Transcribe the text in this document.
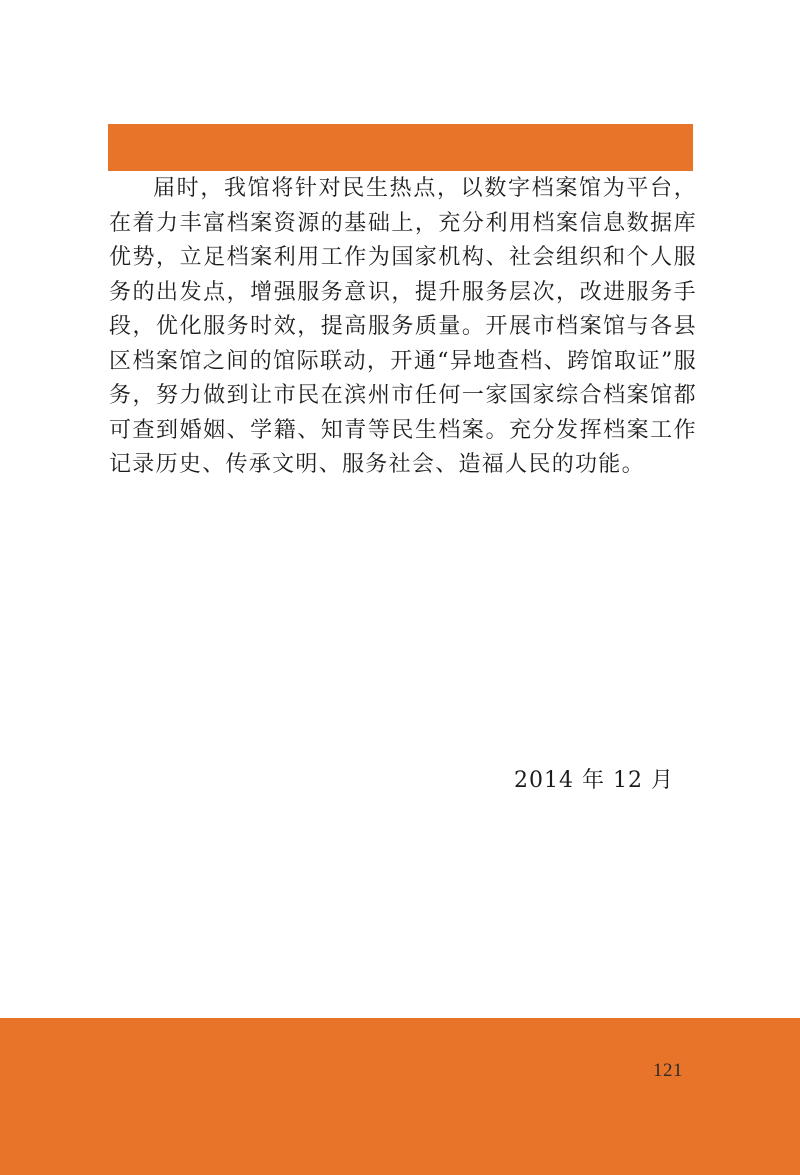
届时，我馆将针对民生热点，以数字档案馆为平台，在着力丰富档案资源的基础上，充分利用档案信息数据库优势，立足档案利用工作为国家机构、社会组织和个人服务的出发点，增强服务意识，提升服务层次，改进服务手段，优化服务时效，提高服务质量。开展市档案馆与各县区档案馆之间的馆际联动，开通“异地查档、跨馆取证”服务，努力做到让市民在滨州市任何一家国家综合档案馆都可查到婚姻、学籍、知青等民生档案。充分发挥档案工作记录历史、传承文明、服务社会、造福人民的功能。

2014 年 12 月
121
